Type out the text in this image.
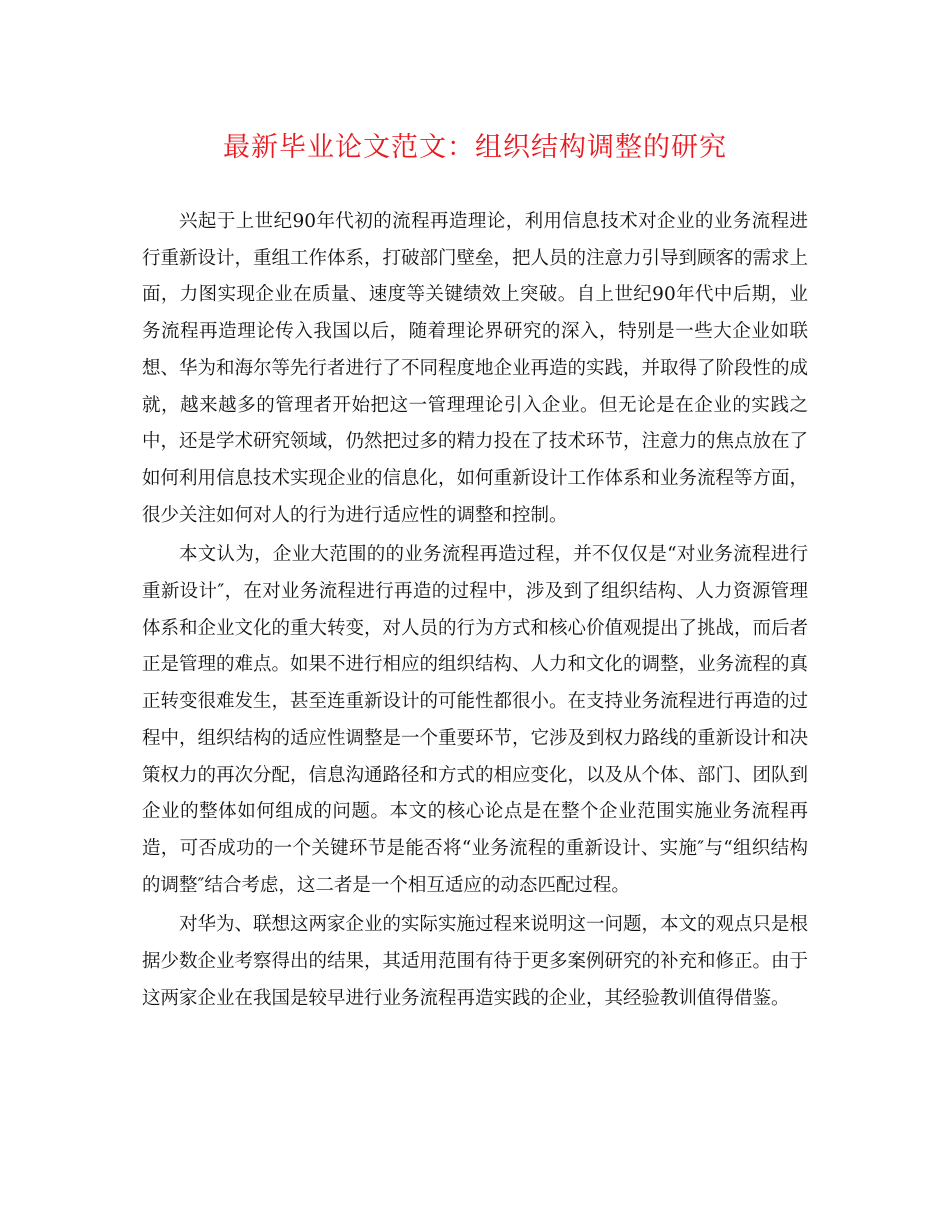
最新毕业论文范文：组织结构调整的研究

兴起于上世纪90年代初的流程再造理论，利用信息技术对企业的业务流程进行重新设计，重组工作体系，打破部门壁垒，把人员的注意力引导到顾客的需求上面，力图实现企业在质量、速度等关键绩效上突破。自上世纪90年代中后期，业务流程再造理论传入我国以后，随着理论界研究的深入，特别是一些大企业如联想、华为和海尔等先行者进行了不同程度地企业再造的实践，并取得了阶段性的成就，越来越多的管理者开始把这一管理理论引入企业。但无论是在企业的实践之中，还是学术研究领域，仍然把过多的精力投在了技术环节，注意力的焦点放在了如何利用信息技术实现企业的信息化，如何重新设计工作体系和业务流程等方面，很少关注如何对人的行为进行适应性的调整和控制。

本文认为，企业大范围的的业务流程再造过程，并不仅仅是“对业务流程进行重新设计″，在对业务流程进行再造的过程中，涉及到了组织结构、人力资源管理体系和企业文化的重大转变，对人员的行为方式和核心价值观提出了挑战，而后者正是管理的难点。如果不进行相应的组织结构、人力和文化的调整，业务流程的真正转变很难发生，甚至连重新设计的可能性都很小。在支持业务流程进行再造的过程中，组织结构的适应性调整是一个重要环节，它涉及到权力路线的重新设计和决策权力的再次分配，信息沟通路径和方式的相应变化，以及从个体、部门、团队到企业的整体如何组成的问题。本文的核心论点是在整个企业范围实施业务流程再造，可否成功的一个关键环节是能否将“业务流程的重新设计、实施″与“组织结构的调整″结合考虑，这二者是一个相互适应的动态匹配过程。

对华为、联想这两家企业的实际实施过程来说明这一问题，本文的观点只是根据少数企业考察得出的结果，其适用范围有待于更多案例研究的补充和修正。由于这两家企业在我国是较早进行业务流程再造实践的企业，其经验教训值得借鉴。
